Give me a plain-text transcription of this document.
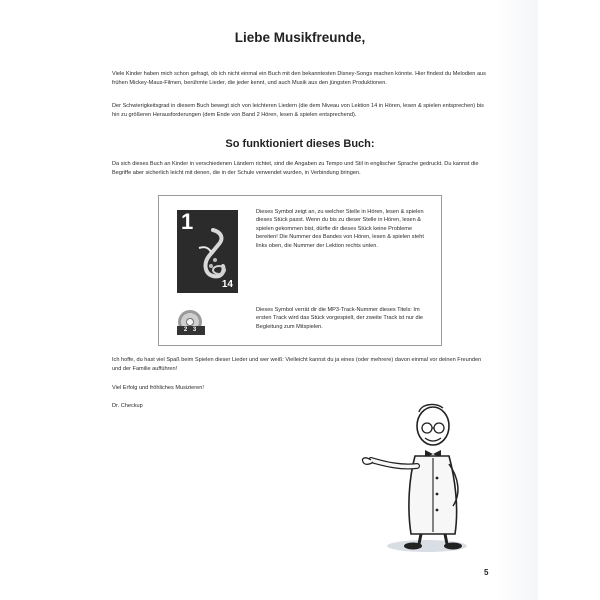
Liebe Musikfreunde,

Viele Kinder haben mich schon gefragt, ob ich nicht einmal ein Buch mit den bekanntesten Disney-Songs machen könnte. Hier findest du Melodien aus frühen Mickey-Maus-Filmen, berühmte Lieder, die jeder kennt, und auch Musik aus den jüngsten Produktionen.

Der Schwierigkeitsgrad in diesem Buch bewegt sich von leichteren Liedern (die dem Niveau von Lektion 14 in Hören, lesen & spielen entsprechen) bis hin zu größeren Herausforderungen (dem Ende von Band 2 Hören, lesen & spielen entsprechend).

So funktioniert dieses Buch:

Da sich dieses Buch an Kinder in verschiedenen Ländern richtet, sind die Angaben zu Tempo und Stil in englischer Sprache gedruckt. Du kannst die Begriffe aber sicherlich leicht mit denen, die in der Schule verwendet wurden, in Verbindung bringen.

1
14
Dieses Symbol zeigt an, zu welcher Stelle in Hören, lesen & spielen dieses Stück passt. Wenn du bis zu dieser Stelle in Hören, lesen & spielen gekommen bist, dürfte dir dieses Stück keine Probleme bereiten! Die Nummer des Bandes von Hören, lesen & spielen steht links oben, die Nummer der Lektion rechts unten.
2 3
Dieses Symbol verrät dir die MP3-Track-Nummer dieses Titels: Im ersten Track wird das Stück vorgespielt, der zweite Track ist nur die Begleitung zum Mitspielen.

Ich hoffe, du hast viel Spaß beim Spielen dieser Lieder und wer weiß: Vielleicht kannst du ja eines (oder mehrere) davon einmal vor deinen Freunden und der Familie aufführen!

Viel Erfolg und fröhliches Musizieren!

Dr. Checkup

5
